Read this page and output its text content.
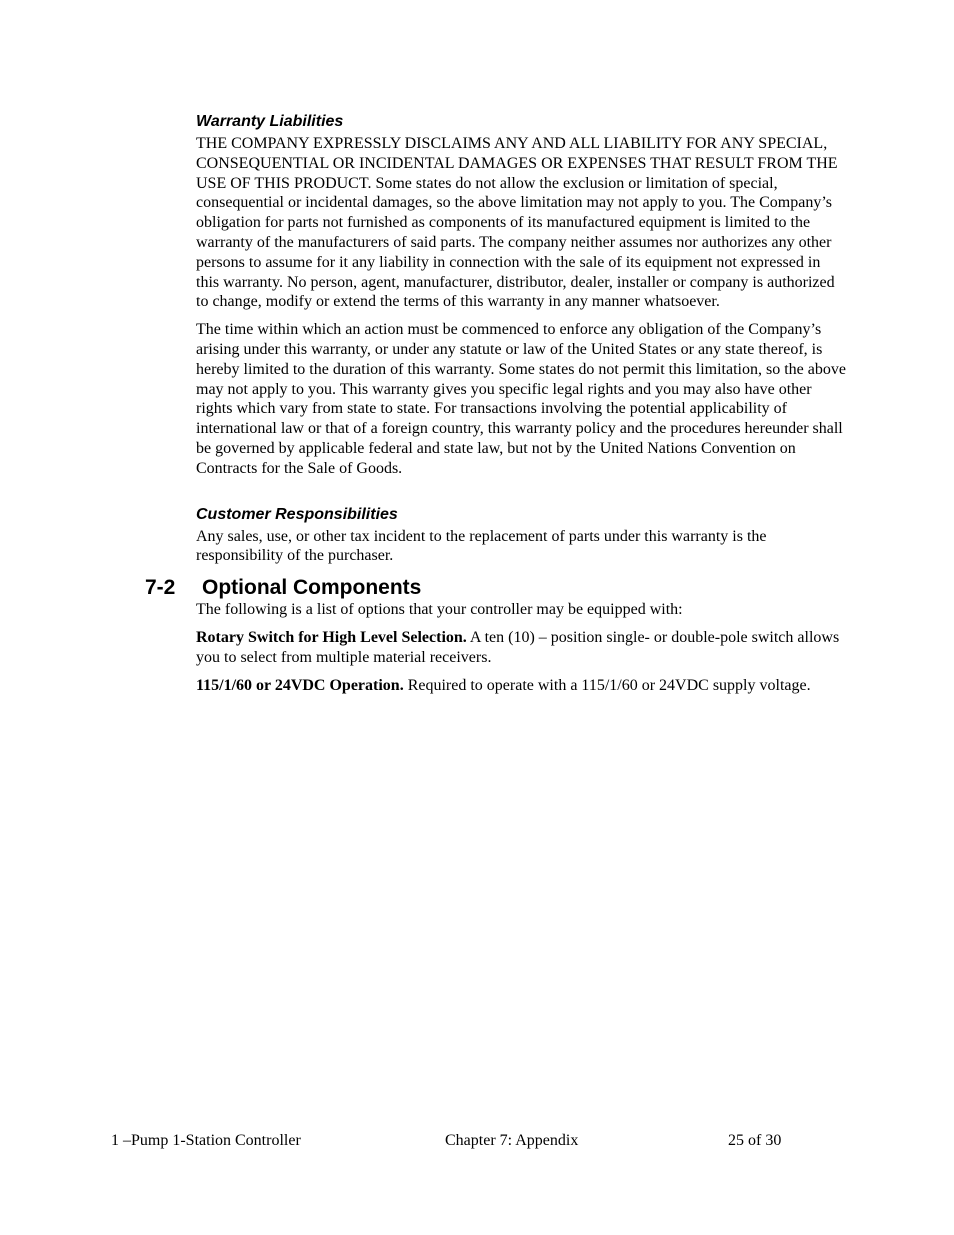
Warranty Liabilities

THE COMPANY EXPRESSLY DISCLAIMS ANY AND ALL LIABILITY FOR ANY SPECIAL, CONSEQUENTIAL OR INCIDENTAL DAMAGES OR EXPENSES THAT RESULT FROM THE USE OF THIS PRODUCT. Some states do not allow the exclusion or limitation of special, consequential or incidental damages, so the above limitation may not apply to you. The Company’s obligation for parts not furnished as components of its manufactured equipment is limited to the warranty of the manufacturers of said parts. The company neither assumes nor authorizes any other persons to assume for it any liability in connection with the sale of its equipment not expressed in this warranty. No person, agent, manufacturer, distributor, dealer, installer or company is authorized to change, modify or extend the terms of this warranty in any manner whatsoever.

The time within which an action must be commenced to enforce any obligation of the Company’s arising under this warranty, or under any statute or law of the United States or any state thereof, is hereby limited to the duration of this warranty. Some states do not permit this limitation, so the above may not apply to you. This warranty gives you specific legal rights and you may also have other rights which vary from state to state. For transactions involving the potential applicability of international law or that of a foreign country, this warranty policy and the procedures hereunder shall be governed by applicable federal and state law, but not by the United Nations Convention on Contracts for the Sale of Goods.

Customer Responsibilities

Any sales, use, or other tax incident to the replacement of parts under this warranty is the responsibility of the purchaser.

7-2 Optional Components

The following is a list of options that your controller may be equipped with:

Rotary Switch for High Level Selection. A ten (10) – position single- or double-pole switch allows you to select from multiple material receivers.

115/1/60 or 24VDC Operation. Required to operate with a 115/1/60 or 24VDC supply voltage.

1 –Pump 1-Station Controller	Chapter 7: Appendix	25 of 30
